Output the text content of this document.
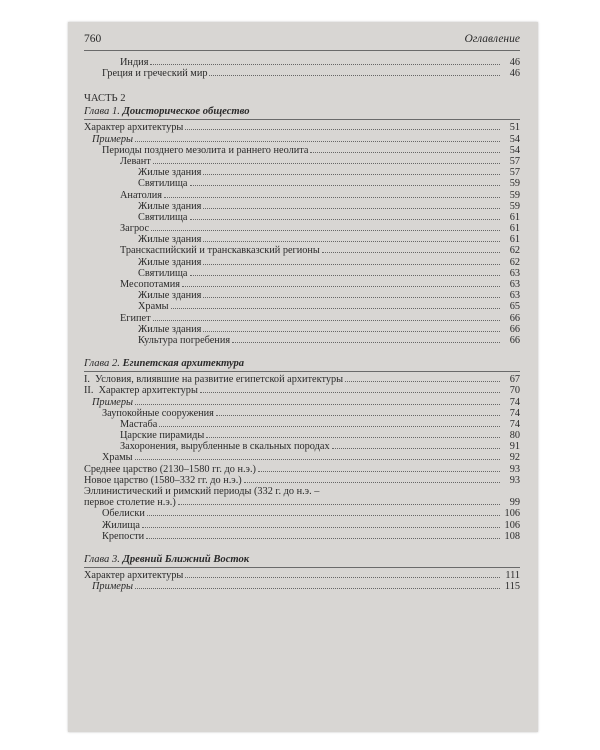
760	Оглавление
Индия	46
Греция и греческий мир	46
ЧАСТЬ 2
Глава 1. Доисторическое общество
Характер архитектуры	51
Примеры	54
Периоды позднего мезолита и раннего неолита	54
Левант	57
Жилые здания	57
Святилища	59
Анатолия	59
Жилые здания	59
Святилища	61
Загрос	61
Жилые здания	61
Транскаспийский и транскавказский регионы	62
Жилые здания	62
Святилища	63
Месопотамия	63
Жилые здания	63
Храмы	65
Египет	66
Жилые здания	66
Культура погребения	66
Глава 2. Египетская архитектура
I. Условия, влиявшие на развитие египетской архитектуры	67
II. Характер архитектуры	70
Примеры	74
Заупокойные сооружения	74
Мастаба	74
Царские пирамиды	80
Захоронения, вырубленные в скальных породах	91
Храмы	92
Среднее царство (2130–1580 гг. до н.э.)	93
Новое царство (1580–332 гг. до н.э.)	93
Эллинистический и римский периоды (332 г. до н.э. –
первое столетие н.э.)	99
Обелиски	106
Жилища	106
Крепости	108
Глава 3. Древний Ближний Восток
Характер архитектуры	111
Примеры	115
